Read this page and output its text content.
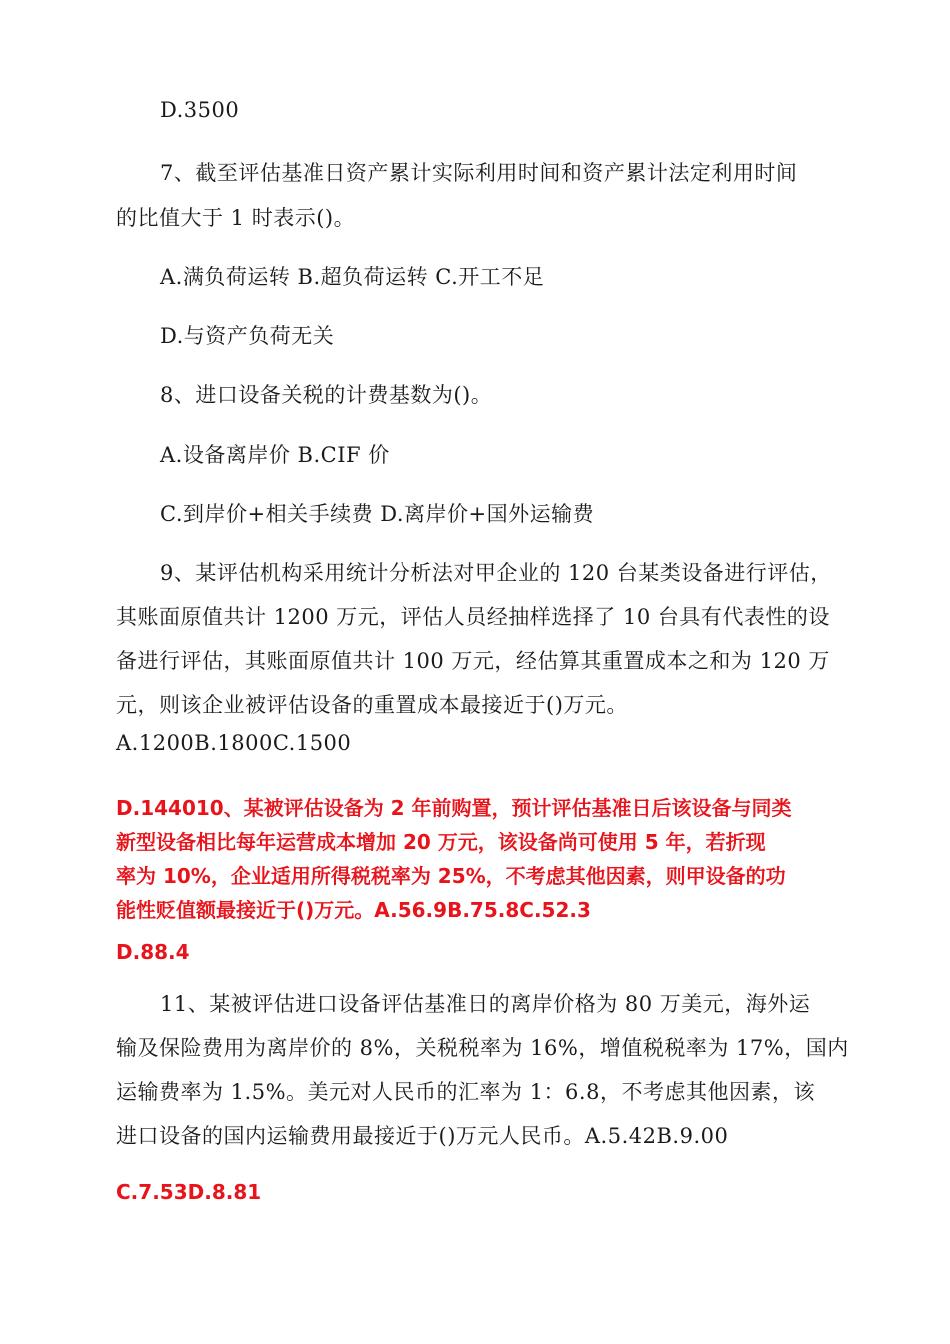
D.3500
7、截至评估基准日资产累计实际利用时间和资产累计法定利用时间
的比值大于 1 时表示()。
A.满负荷运转 B.超负荷运转 C.开工不足
D.与资产负荷无关
8、进口设备关税的计费基数为()。
A.设备离岸价 B.CIF 价
C.到岸价+相关手续费 D.离岸价+国外运输费
9、某评估机构采用统计分析法对甲企业的 120 台某类设备进行评估，
其账面原值共计 1200 万元，评估人员经抽样选择了 10 台具有代表性的设
备进行评估，其账面原值共计 100 万元，经估算其重置成本之和为 120 万
元，则该企业被评估设备的重置成本最接近于()万元。
A.1200B.1800C.1500
D.144010、某被评估设备为 2 年前购置，预计评估基准日后该设备与同类
新型设备相比每年运营成本增加 20 万元，该设备尚可使用 5 年，若折现
率为 10%，企业适用所得税税率为 25%，不考虑其他因素，则甲设备的功
能性贬值额最接近于()万元。A.56.9B.75.8C.52.3
D.88.4
11、某被评估进口设备评估基准日的离岸价格为 80 万美元，海外运
输及保险费用为离岸价的 8%，关税税率为 16%，增值税税率为 17%，国内
运输费率为 1.5%。美元对人民币的汇率为 1：6.8，不考虑其他因素，该
进口设备的国内运输费用最接近于()万元人民币。A.5.42B.9.00
C.7.53D.8.81
